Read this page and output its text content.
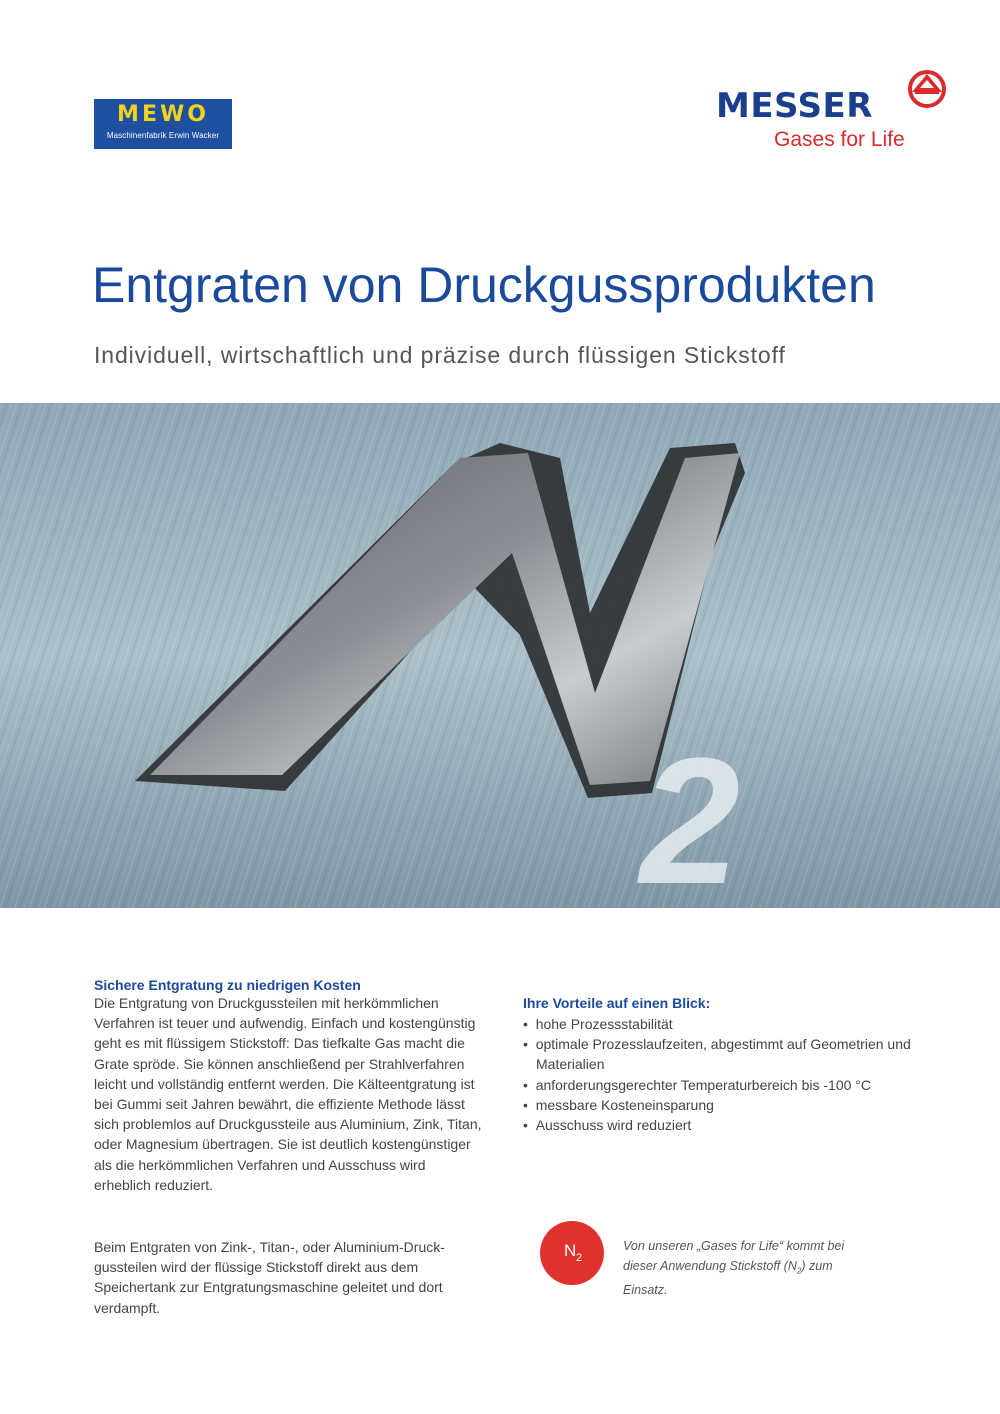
MEWO
Maschinenfabrik Erwin Wacker
MESSER
Gases for Life
Entgraten von Druckgussprodukten
Individuell, wirtschaftlich und präzise durch flüssigen Stickstoff
2
Sichere Entgratung zu niedrigen Kosten
Die Entgratung von Druckgussteilen mit herkömmlichen Verfahren ist teuer und aufwendig. Einfach und kostengünstig geht es mit flüssigem Stickstoff: Das tiefkalte Gas macht die Grate spröde. Sie können anschließend per Strahlverfahren leicht und vollständig entfernt werden. Die Kälteentgratung ist bei Gummi seit Jahren bewährt, die effiziente Methode lässt sich problemlos auf Druckgussteile aus Aluminium, Zink, Titan, oder Magnesium übertragen. Sie ist deutlich kostengünstiger als die herkömmlichen Verfahren und Ausschuss wird erheblich reduziert.
Beim Entgraten von Zink-, Titan-, oder Aluminium-Druckgussteilen wird der flüssige Stickstoff direkt aus dem Speichertank zur Entgratungsmaschine geleitet und dort verdampft.
Ihre Vorteile auf einen Blick:
•  hohe Prozessstabilität
•  optimale Prozesslaufzeiten, abgestimmt auf Geometrien und Materialien
•  anforderungsgerechter Temperaturbereich bis -100 °C
•  messbare Kosteneinsparung
•  Ausschuss wird reduziert
N 2
Von unseren „Gases for Life“ kommt bei dieser Anwendung Stickstoff $(N_2)$ zum Einsatz.
